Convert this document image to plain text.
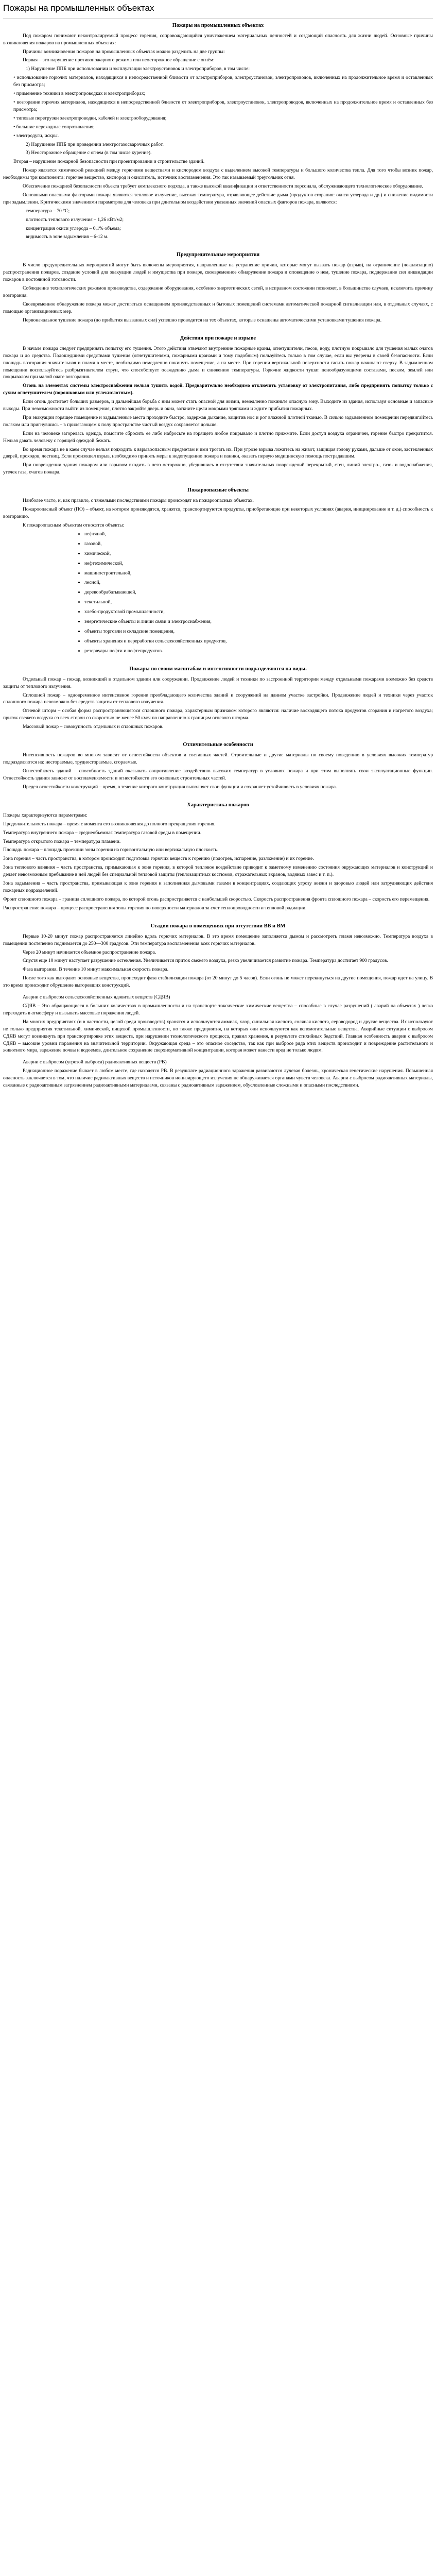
Пожары на промышленных объектах
Пожары на промышленных объектах

Под пожаром понимают неконтролируемый процесс горения, сопровождающийся уничтожением материальных ценностей и создающий опасность для жизни людей. Основные причины возникновения пожаров на промышленных объектах:

Причины возникновения пожаров на промышленных объектах можно разделить на две группы:

Первая – это нарушение противопожарного режима или неосторожное обращение с огнём:

1) Нарушение ППБ при использовании и эксплуатации электроустановок и электроприборов, в том числе:

• использование горючих материалов, находящихся в непосредственной близости от электроприборов, электроустановок, электропроводов, включенных на продолжительное время и оставленных без присмотра;

• применение техники в электропроводках и электроприборах;

• возгорание горючих материалов, находящихся в непосредственной близости от электроприборов, электроустановок, электропроводов, включенных на продолжительное время и оставленных без присмотра;

• типовые перегрузки электропроводки, кабелей и электрооборудования;

• большие переходные сопротивления;

• электродуги, искры.

2) Нарушение ППБ при проведении электрогазосварочных работ.

3) Неосторожное обращение с огнем (в том числе курение).

Вторая – нарушение пожарной безопасности при проектировании и строительстве зданий.

Пожар является химической реакцией между горючими веществами и кислородом воздуха с выделением высокой температуры и большого количества тепла. Для того чтобы возник пожар, необходимы три компонента: горючее вещество, кислород и окислитель, источник воспламенения. Это так называемый треугольник огня.

Обеспечение пожарной безопасности объекта требует комплексного подхода, а также высокой квалификации и ответственности персонала, обслуживающего технологическое оборудование.

Основными опасными факторами пожара являются тепловое излучение, высокая температура, отравляющее действие дыма (продуктов сгорания: окиси углерода и др.) и снижение видимости при задымлении. Критическими значениями параметров для человека при длительном воздействии указанных значений опасных факторов пожара, являются:

температура – 70 °С;

плотность теплового излучения – 1,26 кВт/м2;

концентрация окиси углерода – 0,1% объема;

видимость в зоне задымления – 6-12 м.

Предупредительные мероприятия

В число предупредительных мероприятий могут быть включены мероприятия, направленные на устранение причин, которые могут вызвать пожар (взрыв), на ограничение (локализацию) распространения пожаров, создание условий для эвакуации людей и имущества при пожаре, своевременное обнаружение пожара и оповещение о нем, тушение пожара, поддержание сил ликвидации пожаров в постоянной готовности.

Соблюдение технологических режимов производства, содержание оборудования, особенно энергетических сетей, в исправном состоянии позволяет, в большинстве случаев, исключить причину возгорания.

Своевременное обнаружение пожара может достигаться оснащением производственных и бытовых помещений системами автоматической пожарной сигнализации или, в отдельных случаях, с помощью организационных мер.

Первоначальное тушение пожара (до прибытия вызванных сил) успешно проводится на тех объектах, которые оснащены автоматическими установками тушения пожара.

Действия при пожаре и взрыве

В начале пожара следует предпринять попытку его тушения. Этого действия отвечают внутренние пожарные краны, огнетушители, песок, воду, плотную покрывало для тушения малых очагов пожара и до средства. Подошедшими средствами тушения (огнетушителями, пожарными кранами и тому подобным) пользуйтесь только в том случае, если вы уверены в своей безопасности. Если площадь возгорания значительная и пламя в месте, необходимо немедленно покинуть помещение, а на месте. При горении вертикальной поверхности гасить пожар начинают сверху. В задымленном помещении воспользуйтесь разбрызгивателем струи, что способствует осаждению дыма и снижению температуры. Горючие жидкости тушат пенообразующими составами, песком, землей или покрывалом при малой очаге возгорания.

Огонь на элементах системы электроснабжения нельзя тушить водой. Предварительно необходимо отключить установку от электропитания, либо предпринять попытку только с сухим огнетушителем (порошковым или углекислотным).

Если огонь достигает больших размеров, и дальнейшая борьба с ним может стать опасной для жизни, немедленно покиньте опасную зону. Выходите из здания, используя основные и запасные выходы. При невозможности выйти из помещения, плотно закройте дверь и окна, заткните щели мокрыми тряпками и ждите прибытия пожарных.

При эвакуации горящее помещение и задымленные места проходите быстро, задержав дыхание, защитив нос и рот влажной плотной тканью. В сильно задымленном помещении передвигайтесь ползком или пригнувшись – в прилегающем к полу пространстве чистый воздух сохраняется дольше.

Если на человеке загорелась одежда, помогите сбросить ее либо набросьте на горящего любое покрывало и плотно прижмите. Если доступ воздуха ограничен, горение быстро прекратится. Нельзя давать человеку с горящей одеждой бежать.

Во время пожара не в каем случае нельзя подходить к взрывоопасным предметам и ими трогать их. При угрозе взрыва ложитесь на живот, защищая голову руками, дальше от окон, застекленных дверей, проходов, лестниц. Если произошел взрыв, необходимо принять меры к недопущению пожара и паники, оказать первую медицинскую помощь пострадавшим.

При повреждении здания пожаром или взрывом входить в него осторожно, убедившись в отсутствии значительных повреждений перекрытий, стен, линий электро-, газо- и водоснабжения, утечек газа, очагов пожара.

Пожароопасные объекты

Наиболее часто, и, как правило, с тяжелыми последствиями пожары происходят на пожароопасных объектах.

Пожароопасный объект (ПО) – объект, на котором производятся, хранятся, транспортируются продукты, приобретающие при некоторых условиях (авария, инициирование и т. д.) способность к возгоранию.

К пожароопасным объектам относятся объекты:

• нефтяной,
• газовой,
• химической,
• нефтехимической,
• машиностроительной,
• лесной,
• деревообрабатывающей,
• текстильной,
• хлебо-продуктовой промышленности,
• энергетические объекты и линии связи и электроснабжения,
• объекты торговли и складские помещения,
• объекты хранения и переработки сельскохозяйственных продуктов,
• резервуары нефти и нефтепродуктов.
Пожары по своим масштабам и интенсивности подразделяются на виды.

Отдельный пожар – пожар, возникший в отдельном здании или сооружении. Продвижение людей и техники по застроенной территории между отдельными пожарами возможно без средств защиты от теплового излучения.

Сплошной пожар – одновременное интенсивное горение преобладающего количества зданий и сооружений на данном участке застройки. Продвижение людей и техники через участок сплошного пожара невозможно без средств защиты от теплового излучения.

Огневой шторм – особая форма распространяющегося сплошного пожара, характерным признаком которого являются: наличие восходящего потока продуктов сгорания и нагретого воздуха; приток свежего воздуха со всех сторон со скоростью не менее 50 км/ч по направлению к границам огневого шторма.

Массовый пожар – совокупность отдельных и сплошных пожаров.

Отличительные особенности

Интенсивность пожаров во многом зависит от огнестойкости объектов и составных частей. Строительные и другие материалы по своему поведению в условиях высоких температур подразделяются на: несгораемые, трудносгораемые, сгораемые.

Огнестойкость зданий – способность зданий оказывать сопротивление воздействию высоких температур в условиях пожара и при этом выполнять свои эксплуатационные функции. Огнестойкость здания зависит от воспламеняемости и огнестойкости его основных строительных частей.

Предел огнестойкости конструкций – время, в течение которого конструкция выполняет свои функции и сохраняет устойчивость в условиях пожара.

Характеристика пожаров

Пожары характеризуются параметрами:

Продолжительность пожара – время с момента его возникновения до полного прекращения горения.

Температура внутреннего пожара – среднеобъемная температура газовой среды в помещении.

Температура открытого пожара – температура пламени.

Площадь пожара – площадь проекции зоны горения на горизонтальную или вертикальную плоскость.

Зона горения – часть пространства, в котором происходит подготовка горючих веществ к горению (подогрев, испарение, разложение) и их горение.

Зона теплового влияния – часть пространства, примыкающая к зоне горения, в которой тепловое воздействие приводит к заметному изменению состояния окружающих материалов и конструкций и делает невозможным пребывание в ней людей без специальной тепловой защиты (теплозащитных костюмов, отражательных экранов, водяных завес и т. п.).

Зона задымления – часть пространства, примыкающая к зоне горения и заполненная дымовыми газами в концентрациях, создающих угрозу жизни и здоровью людей или затрудняющих действия пожарных подразделений.

Фронт сплошного пожара – граница сплошного пожара, по которой огонь распространяется с наибольшей скоростью. Скорость распространения фронта сплошного пожара – скорость его перемещения.

Распространение пожара – процесс распространения зоны горения по поверхности материалов за счет теплопроводности и тепловой радиации.

Стадии пожара в помещениях при отсутствии ВВ и ВМ

Первые 10-20 минут пожар распространяется линейно вдоль горючих материалов. В это время помещение заполняется дымом и рассмотреть пламя невозможно. Температура воздуха в помещении постепенно поднимается до 250—300 градусов. Эти температура воспламенения всех горючих материалов.

Через 20 минут начинается объемное распространение пожара.

Спустя еще 10 минут наступает разрушение остекления. Увеличивается приток свежего воздуха, резко увеличивается развитие пожара. Температура достигает 900 градусов.

Фаза выгорания. В течение 10 минут максимальная скорость пожара.

После того как выгорают основные вещества, происходит фаза стабилизации пожара (от 20 минут до 5 часов). Если огонь не может перекинуться на другие помещения, пожар идет на улицу. В это время происходит обрушение выгоревших конструкций.

Аварии с выбросом сельскохозяйственных ядовитых веществ (СДЯВ)

СДЯВ – Это обращающиеся в больших количествах в промышленности и на транспорте токсические химические вещества – способные в случае разрушений ( аварий на объектах ) легко переходить в атмосферу и вызывать массовые поражения людей.

На многих предприятиях (и в частности, целой среди производств) хранятся и используются аммиак, хлор, синильная кислота, соляная кислота, сероводород и другие вещества. Их используют не только предприятия текстильной, химической, пищевой промышленности, но также предприятия, на которых они используются как вспомогательные вещества. Аварийные ситуации с выбросом СДЯВ могут возникнуть при транспортировке этих веществ, при нарушении технологического процесса, правил хранения, в результате стихийных бедствий. Главная особенность аварии с выбросом СДЯВ – высокие уровни поражения на значительной территории. Окружающая среда – это опасное соседство, так как при выбросе ряда этих веществ происходит и повреждение растительного и животного мира, заражение почвы и водоемов, длительное сохранение сверхнормативной концентрации, которая может нанести вред не только людям.

Аварии с выбросом (угрозой выброса) радиоактивных веществ (РВ)

Радиационное поражение бывает в любом месте, где находятся РВ. В результате радиационного заражения развиваются лучевая болезнь, хроническая генетические нарушения. Повышенная опасность заключается в том, что наличие радиоактивных веществ и источников ионизирующего излучения не обнаруживается органами чувств человека. Аварии с выбросом радиоактивных материалы, связанные с радиоактивным загрязнением радиоактивными материалами, связаны с радиоактивным заражением, обусловленные сложными и опасными последствиями.
